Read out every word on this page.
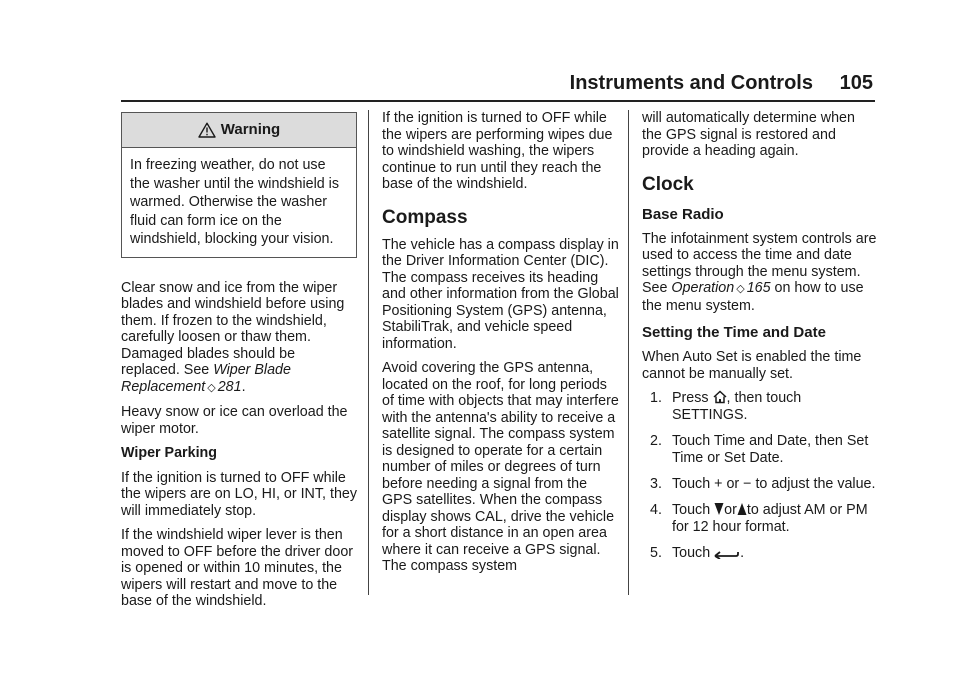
Instruments and Controls 105
Warning
In freezing weather, do not use the washer until the windshield is warmed. Otherwise the washer fluid can form ice on the windshield, blocking your vision.

Clear snow and ice from the wiper blades and windshield before using them. If frozen to the windshield, carefully loosen or thaw them. Damaged blades should be replaced. See Wiper Blade Replacement ◇ 281.

Heavy snow or ice can overload the wiper motor.

Wiper Parking

If the ignition is turned to OFF while the wipers are on LO, HI, or INT, they will immediately stop.

If the windshield wiper lever is then moved to OFF before the driver door is opened or within 10 minutes, the wipers will restart and move to the base of the windshield.

If the ignition is turned to OFF while the wipers are performing wipes due to windshield washing, the wipers continue to run until they reach the base of the windshield.

Compass

The vehicle has a compass display in the Driver Information Center (DIC). The compass receives its heading and other information from the Global Positioning System (GPS) antenna, StabiliTrak, and vehicle speed information.

Avoid covering the GPS antenna, located on the roof, for long periods of time with objects that may interfere with the antenna's ability to receive a satellite signal. The compass system is designed to operate for a certain number of miles or degrees of turn before needing a signal from the GPS satellites. When the compass display shows CAL, drive the vehicle for a short distance in an open area where it can receive a GPS signal. The compass system

will automatically determine when the GPS signal is restored and provide a heading again.

Clock
Base Radio

The infotainment system controls are used to access the time and date settings through the menu system. See Operation ◇ 165 on how to use the menu system.

Setting the Time and Date

When Auto Set is enabled the time cannot be manually set.

1. Press , then touch SETTINGS.
2. Touch Time and Date, then Set Time or Set Date.
3. Touch + or − to adjust the value.
4. Touch or to adjust AM or PM for 12 hour format.
5. Touch .
